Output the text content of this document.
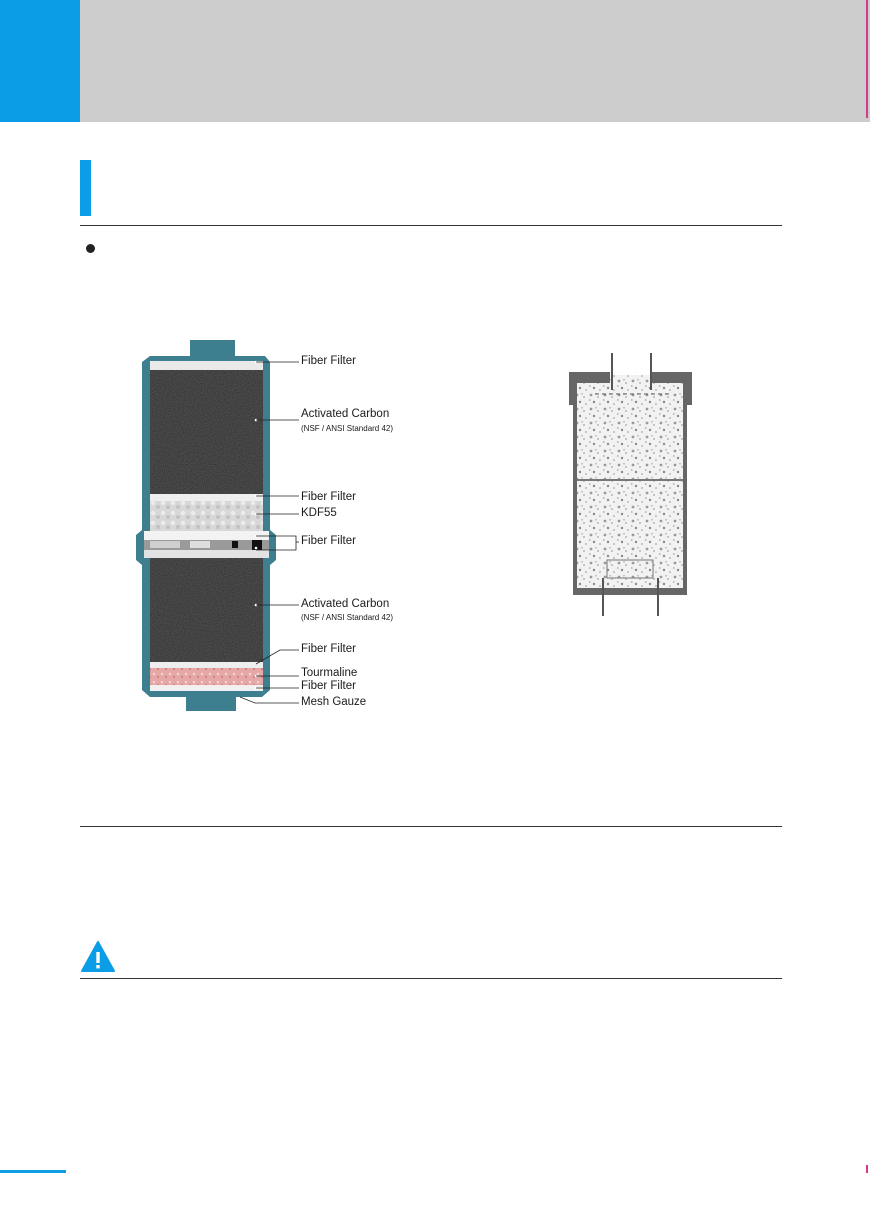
Fiber Filter
Activated Carbon
(NSF / ANSI Standard 42)
Fiber Filter
KDF55
Fiber Filter
Activated Carbon
(NSF / ANSI Standard 42)
Fiber Filter
Tourmaline
Fiber Filter
Mesh Gauze
